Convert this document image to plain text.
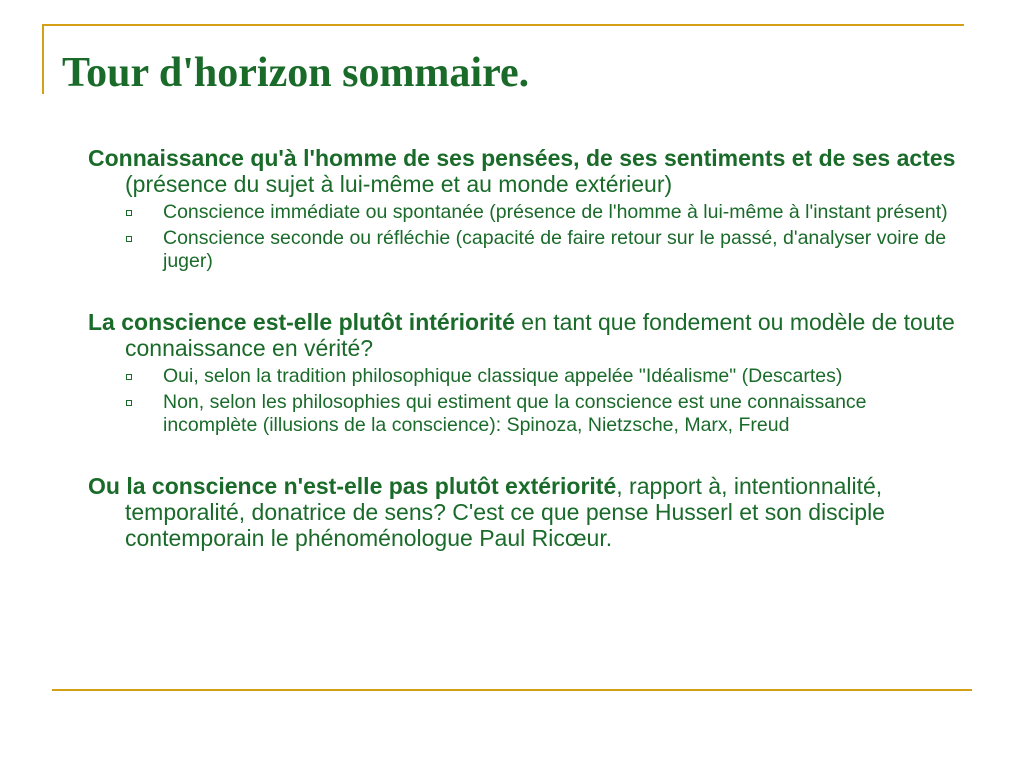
Tour d'horizon sommaire.

Connaissance qu'à l'homme de ses pensées, de ses sentiments et de ses actes (présence du sujet à lui-même et au monde extérieur)

Conscience immédiate ou spontanée (présence de l'homme à lui-même à l'instant présent)
Conscience seconde ou réfléchie (capacité de faire retour sur le passé, d'analyser voire de juger)

La conscience est-elle plutôt intériorité en tant que fondement ou modèle de toute connaissance en vérité?

Oui, selon la tradition philosophique classique appelée "Idéalisme" (Descartes)
Non, selon les philosophies qui estiment que la conscience est une connaissance incomplète (illusions de la conscience): Spinoza, Nietzsche, Marx, Freud

Ou la conscience n'est-elle pas plutôt extériorité, rapport à, intentionnalité, temporalité, donatrice de sens? C'est ce que pense Husserl et son disciple contemporain le phénoménologue Paul Ricœur.
